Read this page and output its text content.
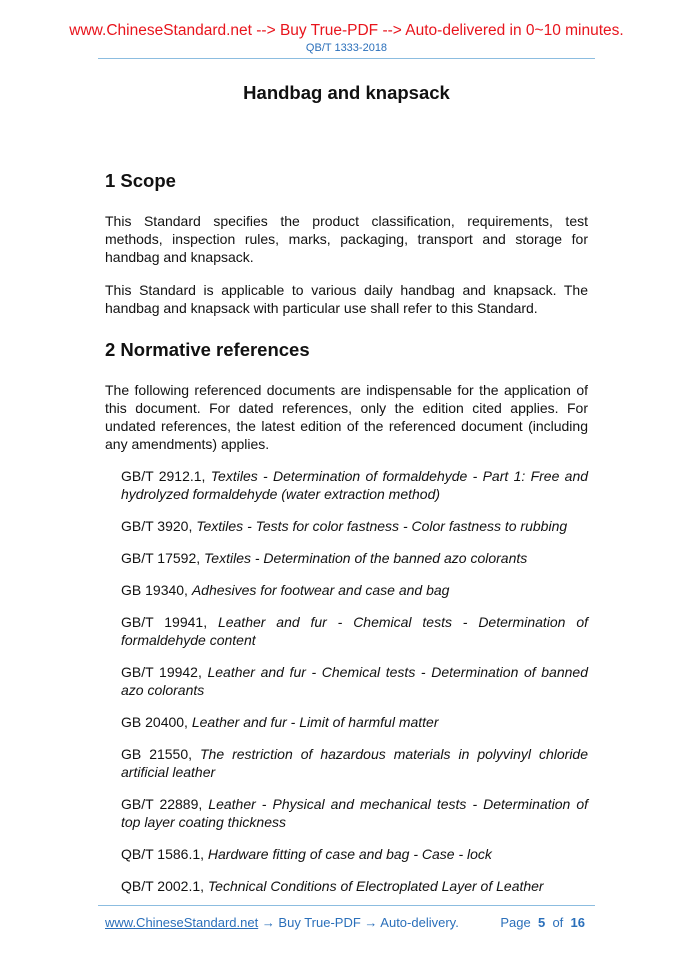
www.ChineseStandard.net --> Buy True-PDF --> Auto-delivered in 0~10 minutes.
QB/T 1333-2018
Handbag and knapsack
1 Scope
This Standard specifies the product classification, requirements, test methods, inspection rules, marks, packaging, transport and storage for handbag and knapsack.
This Standard is applicable to various daily handbag and knapsack. The handbag and knapsack with particular use shall refer to this Standard.
2 Normative references
The following referenced documents are indispensable for the application of this document. For dated references, only the edition cited applies. For undated references, the latest edition of the referenced document (including any amendments) applies.
GB/T 2912.1, Textiles - Determination of formaldehyde - Part 1: Free and hydrolyzed formaldehyde (water extraction method)
GB/T 3920, Textiles - Tests for color fastness - Color fastness to rubbing
GB/T 17592, Textiles - Determination of the banned azo colorants
GB 19340, Adhesives for footwear and case and bag
GB/T 19941, Leather and fur - Chemical tests - Determination of formaldehyde content
GB/T 19942, Leather and fur - Chemical tests - Determination of banned azo colorants
GB 20400, Leather and fur - Limit of harmful matter
GB 21550, The restriction of hazardous materials in polyvinyl chloride artificial leather
GB/T 22889, Leather - Physical and mechanical tests - Determination of top layer coating thickness
QB/T 1586.1, Hardware fitting of case and bag - Case - lock
QB/T 2002.1, Technical Conditions of Electroplated Layer of Leather
www.ChineseStandard.net → Buy True-PDF → Auto-delivery.	Page 5 of 16
